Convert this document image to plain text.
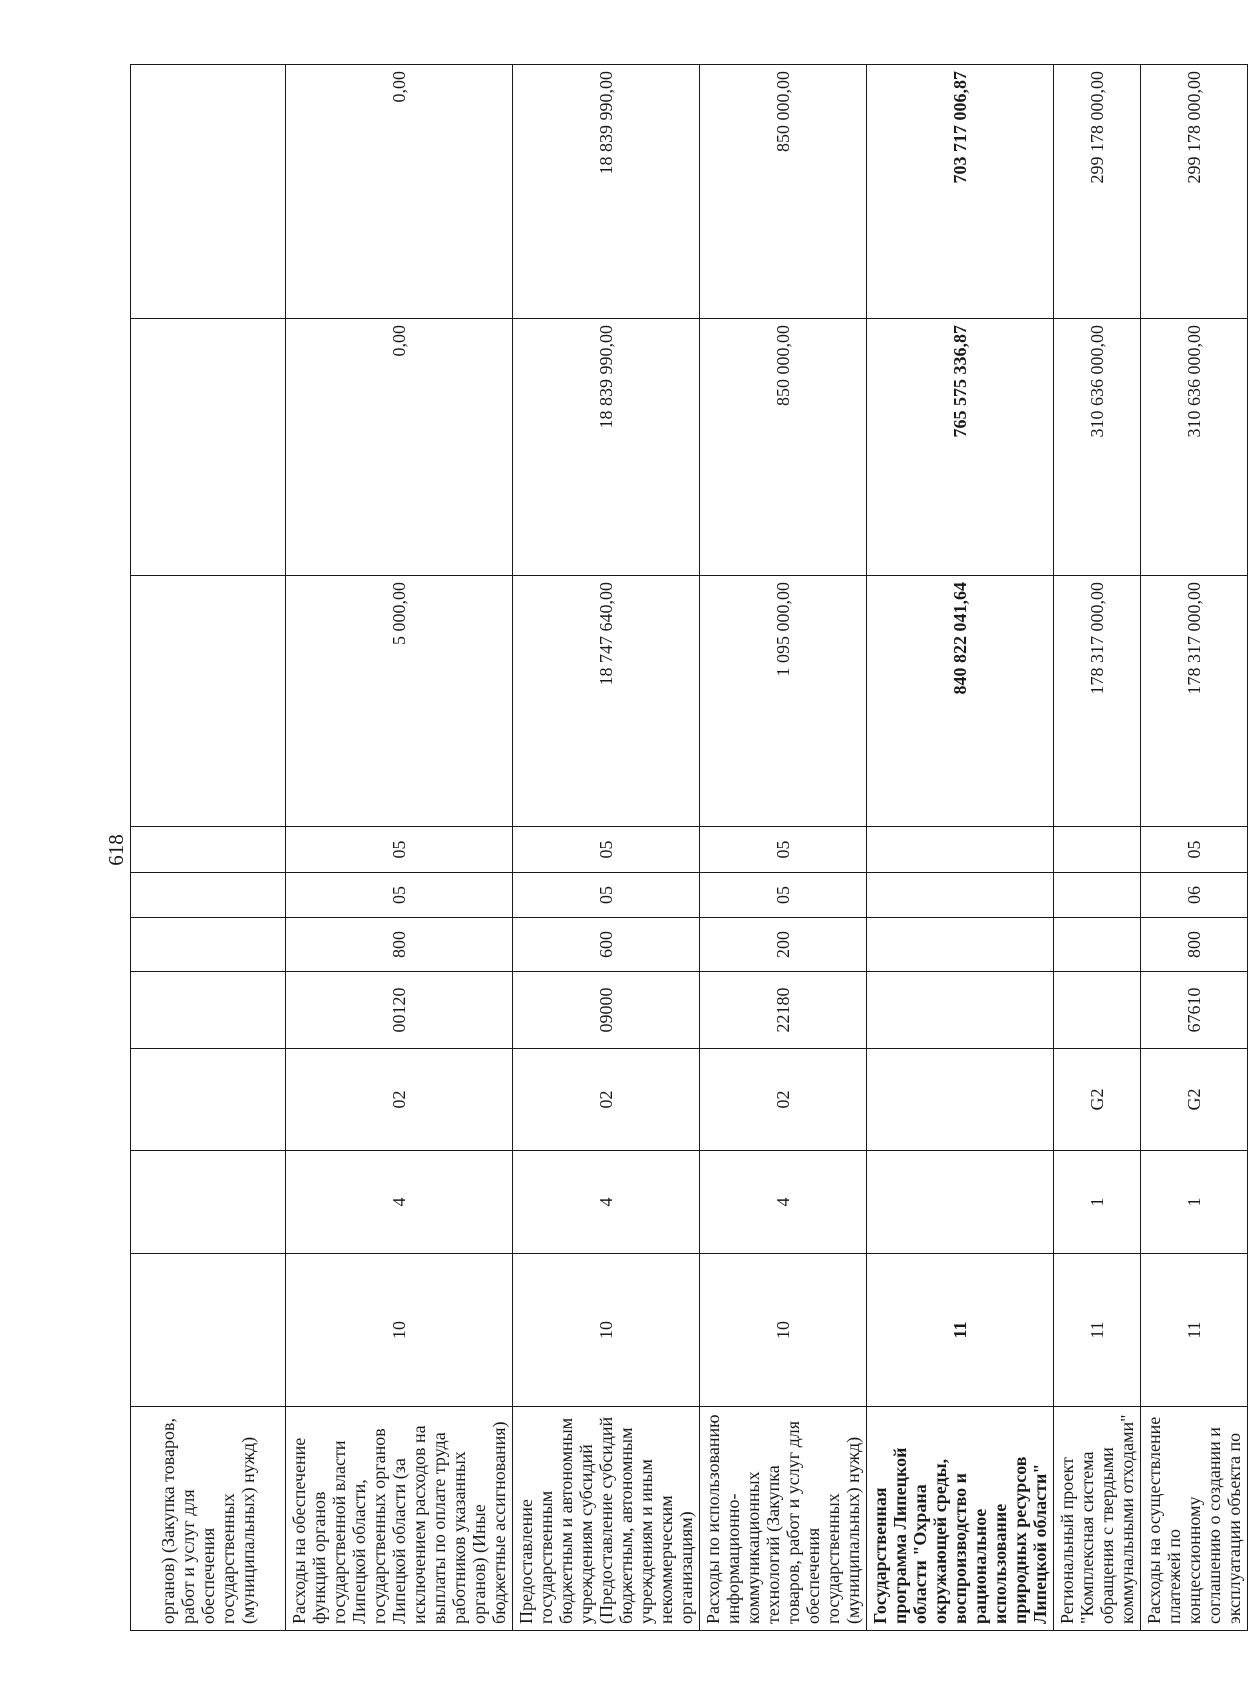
618
органов) (Закупка товаров, работ и услуг для обеспечения государственных (муниципальных) нужд)										
Расходы на обеспечение функций органов государственной власти Липецкой области, государственных органов Липецкой области (за исключением расходов на выплаты по оплате труда работников указанных органов) (Иные бюджетные ассигнования)	10	4	02	00120	800	05	05	5 000,00	0,00	0,00
Предоставление государственным бюджетным и автономным учреждениям субсидий (Предоставление субсидий бюджетным, автономным учреждениям и иным некоммерческим организациям)	10	4	02	09000	600	05	05	18 747 640,00	18 839 990,00	18 839 990,00
Расходы по использованию информационно-коммуникационных технологий (Закупка товаров, работ и услуг для обеспечения государственных (муниципальных) нужд)	10	4	02	22180	200	05	05	1 095 000,00	850 000,00	850 000,00
Государственная программа Липецкой области "Охрана окружающей среды, воспроизводство и рациональное использование природных ресурсов Липецкой области"	11							840 822 041,64	765 575 336,87	703 717 006,87
Региональный проект "Комплексная система обращения с твердыми коммунальными отходами"	11	1	G2					178 317 000,00	310 636 000,00	299 178 000,00
Расходы на осуществление платежей по концессионному соглашению о создании и эксплуатации объекта по	11	1	G2	67610	800	06	05	178 317 000,00	310 636 000,00	299 178 000,00
